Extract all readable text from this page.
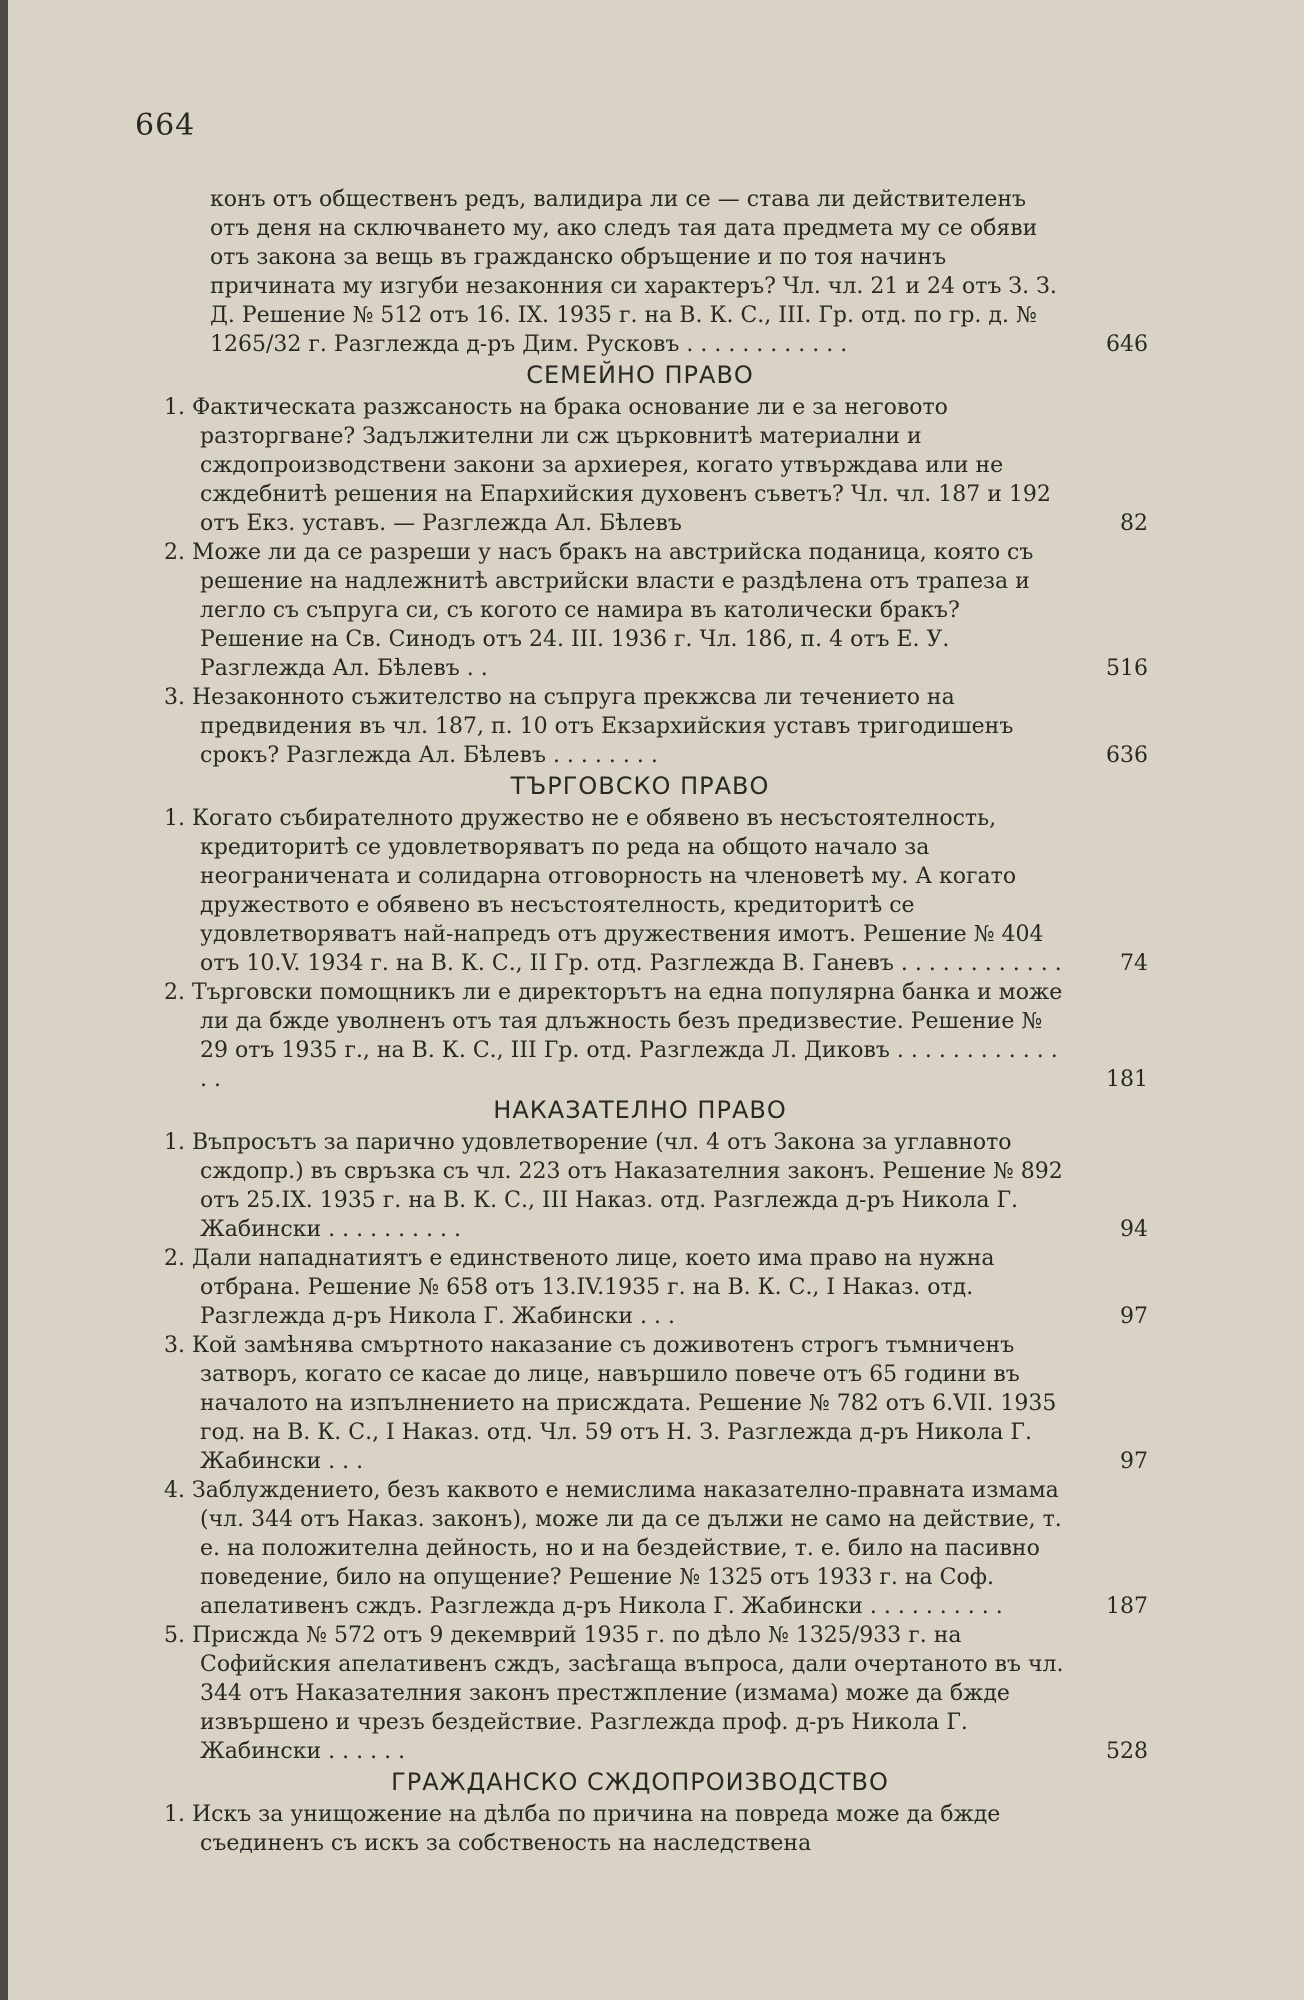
664
конъ отъ общественъ редъ, валидира ли се — става ли действителенъ отъ деня на сключването му, ако следъ тая дата предмета му се обяви отъ закона за вещь въ гражданско обръщение и по тоя начинъ причината му изгуби незаконния си характеръ? Чл. чл. 21 и 24 отъ З. З. Д. Решение № 512 отъ 16. IX. 1935 г. на В. К. С., III. Гр. отд. по гр. д. № 1265/32 г. Разглежда д-ръ Дим. Русковъ . . . . . . . . . . . .	646
СЕМЕЙНО ПРАВО
1. Фактическата разжсаность на брака основание ли е за неговото разторгване? Задължителни ли сж църковнитѣ материални и сждопроизводствени закони за архиерея, когато утвърждава или не сждебнитѣ решения на Епархийския духовенъ съветъ? Чл. чл. 187 и 192 отъ Екз. уставъ. — Разглежда Ал. Бѣлевъ	82
2. Може ли да се разреши у насъ бракъ на австрийска поданица, която съ решение на надлежнитѣ австрийски власти е раздѣлена отъ трапеза и легло съ съпруга си, съ когото се намира въ католически бракъ? Решение на Св. Синодъ отъ 24. III. 1936 г. Чл. 186, п. 4 отъ Е. У. Разглежда Ал. Бѣлевъ . .	516
3. Незаконното съжителство на съпруга прекжсва ли течението на предвидения въ чл. 187, п. 10 отъ Екзархийския уставъ тригодишенъ срокъ? Разглежда Ал. Бѣлевъ . . . . . . . .	636
ТЪРГОВСКО ПРАВО
1. Когато събирателното дружество не е обявено въ несъстоятелность, кредиторитѣ се удовлетворяватъ по реда на общото начало за неограничената и солидарна отговорность на членоветѣ му. А когато дружеството е обявено въ несъстоятелность, кредиторитѣ се удовлетворяватъ най-напредъ отъ дружествения имотъ. Решение № 404 отъ 10.V. 1934 г. на В. К. С., II Гр. отд. Разглежда В. Ганевъ . . . . . . . . . . . .	74
2. Търговски помощникъ ли е директорътъ на една популярна банка и може ли да бжде уволненъ отъ тая длъжность безъ предизвестие. Решение № 29 отъ 1935 г., на В. К. С., III Гр. отд. Разглежда Л. Диковъ . . . . . . . . . . . . . .	181
НАКАЗАТЕЛНО ПРАВО
1. Въпросътъ за парично удовлетворение (чл. 4 отъ Закона за углавното сждопр.) въ свръзка съ чл. 223 отъ Наказателния законъ. Решение № 892 отъ 25.IX. 1935 г. на В. К. С., III Наказ. отд. Разглежда д-ръ Никола Г. Жабински . . . . . . . . . .	94
2. Дали нападнатиятъ е единственото лице, което има право на нужна отбрана. Решение № 658 отъ 13.IV.1935 г. на В. К. С., I Наказ. отд. Разглежда д-ръ Никола Г. Жабински . . .	97
3. Кой замѣнява смъртното наказание съ доживотенъ строгъ тъмниченъ затворъ, когато се касае до лице, навършило повече отъ 65 години въ началото на изпълнението на присждата. Решение № 782 отъ 6.VII. 1935 год. на В. К. С., I Наказ. отд. Чл. 59 отъ Н. З. Разглежда д-ръ Никола Г. Жабински . . .	97
4. Заблуждението, безъ каквото е немислима наказателно-правната измама (чл. 344 отъ Наказ. законъ), може ли да се дължи не само на действие, т. е. на положителна дейность, но и на бездействие, т. е. било на пасивно поведение, било на опущение? Решение № 1325 отъ 1933 г. на Соф. апелативенъ сждъ. Разглежда д-ръ Никола Г. Жабински . . . . . . . . . .	187
5. Присжда № 572 отъ 9 декемврий 1935 г. по дѣло № 1325/933 г. на Софийския апелативенъ сждъ, засѣгаща въпроса, дали очертаното въ чл. 344 отъ Наказателния законъ престжпление (измама) може да бжде извършено и чрезъ бездействие. Разглежда проф. д-ръ Никола Г. Жабински . . . . . .	528
ГРАЖДАНСКО СЖДОПРОИЗВОДСТВО
1. Искъ за унищожение на дѣлба по причина на повреда може да бжде съединенъ съ искъ за собственость на наследствена
